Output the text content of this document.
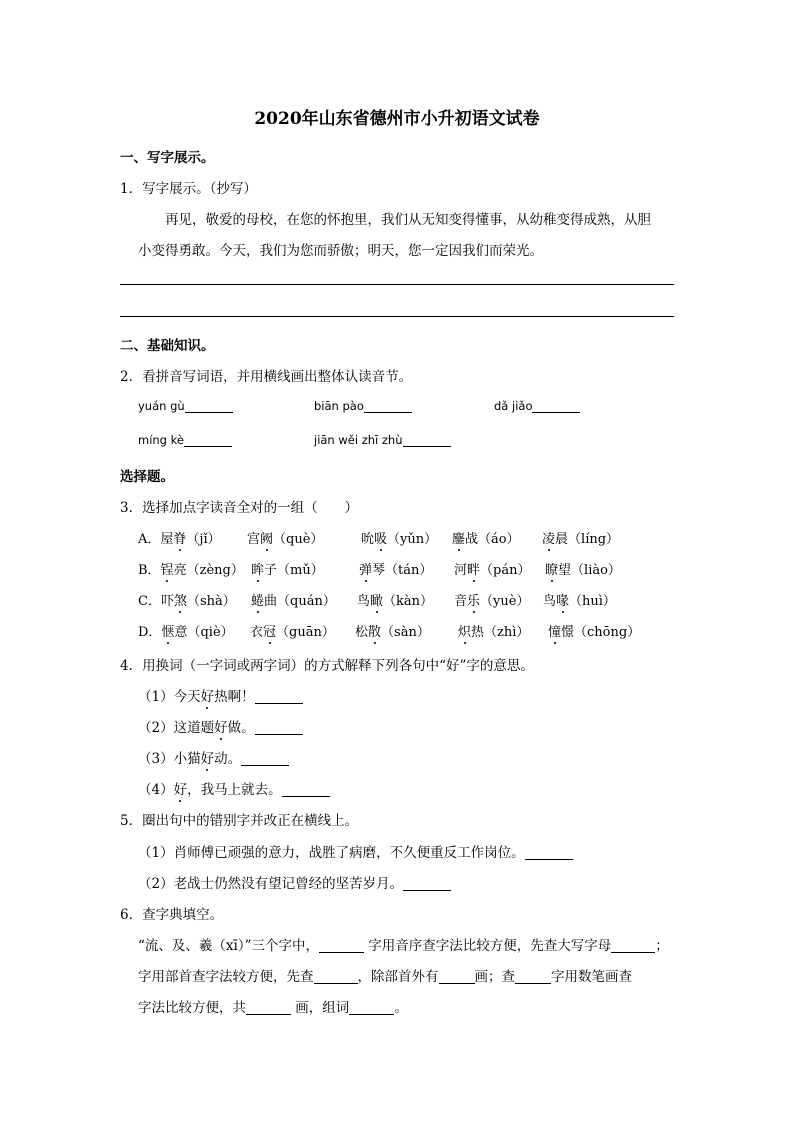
2020年山东省德州市小升初语文试卷
一、写字展示。
1．写字展示。（抄写）
再见，敬爱的母校，在您的怀抱里，我们从无知变得懂事，从幼稚变得成熟，从胆
小变得勇敢。今天，我们为您而骄傲；明天，您一定因我们而荣光。
二、基础知识。
2．看拼音写词语，并用横线画出整体认读音节。
yuán gù	biān pào	dǎ jiǎo
míng kè	jiān wěi zhī zhù
选择题。
3．选择加点字读音全对的一组（　　）
A．屋脊（jǐ） 宫阙（què）	吮吸（yǔn） 鏖战（áo） 凌晨（líng）
B．锃亮（zèng） 眸子（mǔ）	弹琴（tán） 河畔（pán） 瞭望（liào）
C．吓煞（shà） 蜷曲（quán） 鸟瞰（kàn） 音乐（yuè） 鸟喙（huì）
D．惬意（qiè） 衣冠（guān） 松散（sàn） 炽热（zhì） 憧憬（chōng）
4．用换词（一字词或两字词）的方式解释下列各句中“好”字的意思。
（1）今天好热啊！
（2）这道题好做。
（3）小猫好动。
（4）好，我马上就去。
5．圈出句中的错别字并改正在横线上。
（1）肖师傅已顽强的意力，战胜了病磨，不久便重反工作岗位。
（2）老战士仍然没有望记曾经的坚苦岁月。
6．查字典填空。
“流、及、羲（xī）”三个字中，	字用音序查字法比较方便，先查大写字母	；
字用部首查字法较方便，先查	，除部首外有	画；查	字用数笔画查
字法比较方便，共	画，组词	。
